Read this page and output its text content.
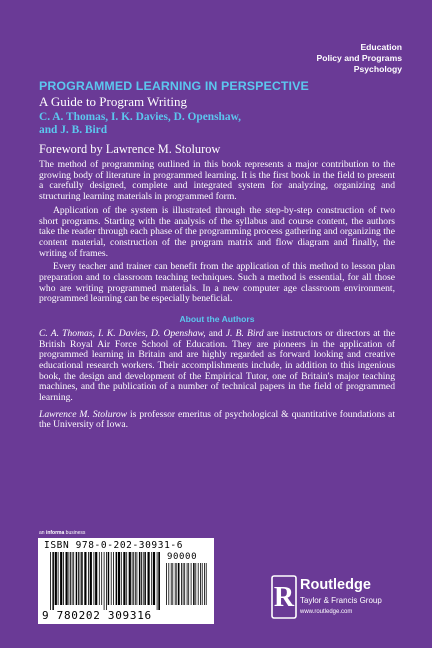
Education
Policy and Programs
Psychology
PROGRAMMED LEARNING IN PERSPECTIVE
A Guide to Program Writing
C. A. Thomas, I. K. Davies, D. Openshaw,
and J. B. Bird
Foreword by Lawrence M. Stolurow

The method of programming outlined in this book represents a major contribution to the growing body of literature in programmed learning. It is the first book in the field to present a carefully designed, complete and integrated system for analyzing, organizing and structuring learning materials in programmed form.

Application of the system is illustrated through the step-by-step construction of two short programs. Starting with the analysis of the syllabus and course content, the authors take the reader through each phase of the programming process gathering and organizing the content material, construction of the program matrix and flow diagram and finally, the writing of frames.

Every teacher and trainer can benefit from the application of this method to lesson plan preparation and to classroom teaching techniques. Such a method is essential, for all those who are writing programmed materials. In a new computer age classroom environment, programmed learning can be especially beneficial.

About the Authors

C. A. Thomas, I. K. Davies, D. Openshaw, and J. B. Bird are instructors or directors at the British Royal Air Force School of Education. They are pioneers in the application of programmed learning in Britain and are highly regarded as forward looking and creative educational research workers. Their accomplishments include, in addition to this ingenious book, the design and development of the Empirical Tutor, one of Britain's major teaching machines, and the publication of a number of technical papers in the field of programmed learning.

Lawrence M. Stolurow is professor emeritus of psychological & quantitative foundations at the University of Iowa.

an informa business
ISBN 978-0-202-30931-6
90000
9 780202 309316
R Routledge
Taylor & Francis Group
www.routledge.com
